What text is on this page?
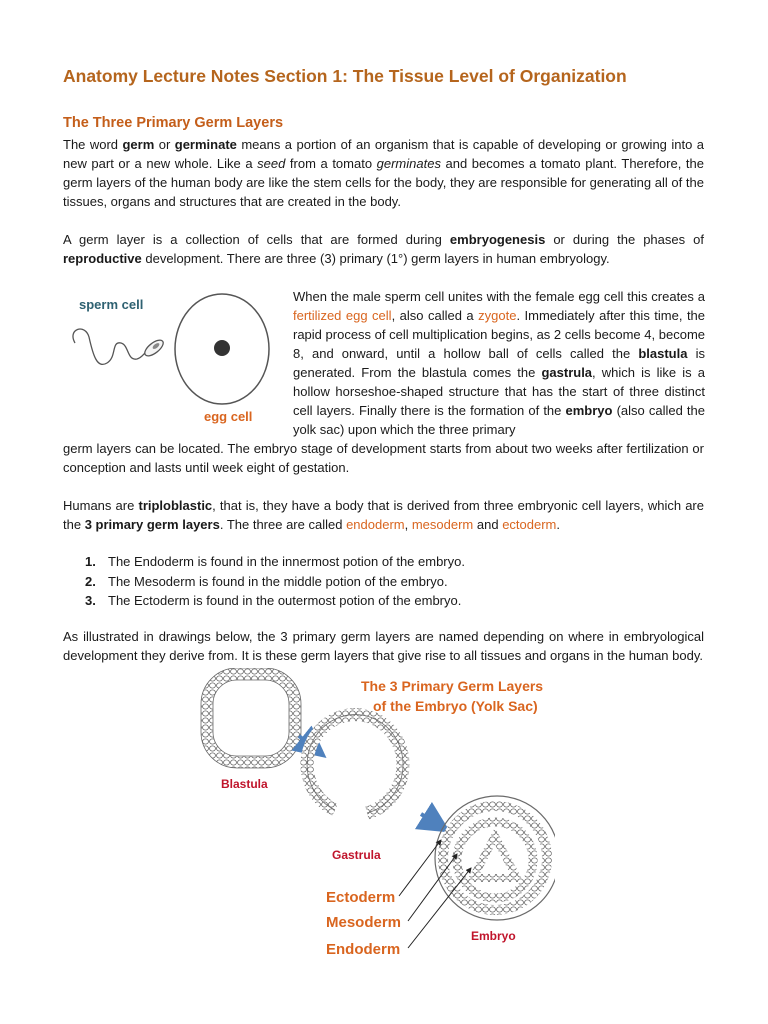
Anatomy Lecture Notes Section 1: The Tissue Level of Organization
The Three Primary Germ Layers

The word germ or germinate means a portion of an organism that is capable of developing or growing into a new part or a new whole. Like a seed from a tomato germinates and becomes a tomato plant. Therefore, the germ layers of the human body are like the stem cells for the body, they are responsible for generating all of the tissues, organs and structures that are created in the body.

A germ layer is a collection of cells that are formed during embryogenesis or during the phases of reproductive development. There are three (3) primary (1°) germ layers in human embryology.

sperm cell
egg cell

When the male sperm cell unites with the female egg cell this creates a fertilized egg cell, also called a zygote. Immediately after this time, the rapid process of cell multiplication begins, as 2 cells become 4, become 8, and onward, until a hollow ball of cells called the blastula is generated. From the blastula comes the gastrula, which is like is a hollow horseshoe-shaped structure that has the start of three distinct cell layers. Finally there is the formation of the embryo (also called the yolk sac) upon which the three primary

germ layers can be located. The embryo stage of development starts from about two weeks after fertilization or conception and lasts until week eight of gestation.

Humans are triploblastic, that is, they have a body that is derived from three embryonic cell layers, which are the 3 primary germ layers. The three are called endoderm, mesoderm and ectoderm.

1. The Endoderm is found in the innermost potion of the embryo.
2. The Mesoderm is found in the middle potion of the embryo.
3. The Ectoderm is found in the outermost potion of the embryo.

As illustrated in drawings below, the 3 primary germ layers are named depending on where in embryological development they derive from. It is these germ layers that give rise to all tissues and organs in the human body.

The 3 Primary Germ Layers
of the Embryo (Yolk Sac)
Blastula
Gastrula
Embryo
Ectoderm
Mesoderm
Endoderm
